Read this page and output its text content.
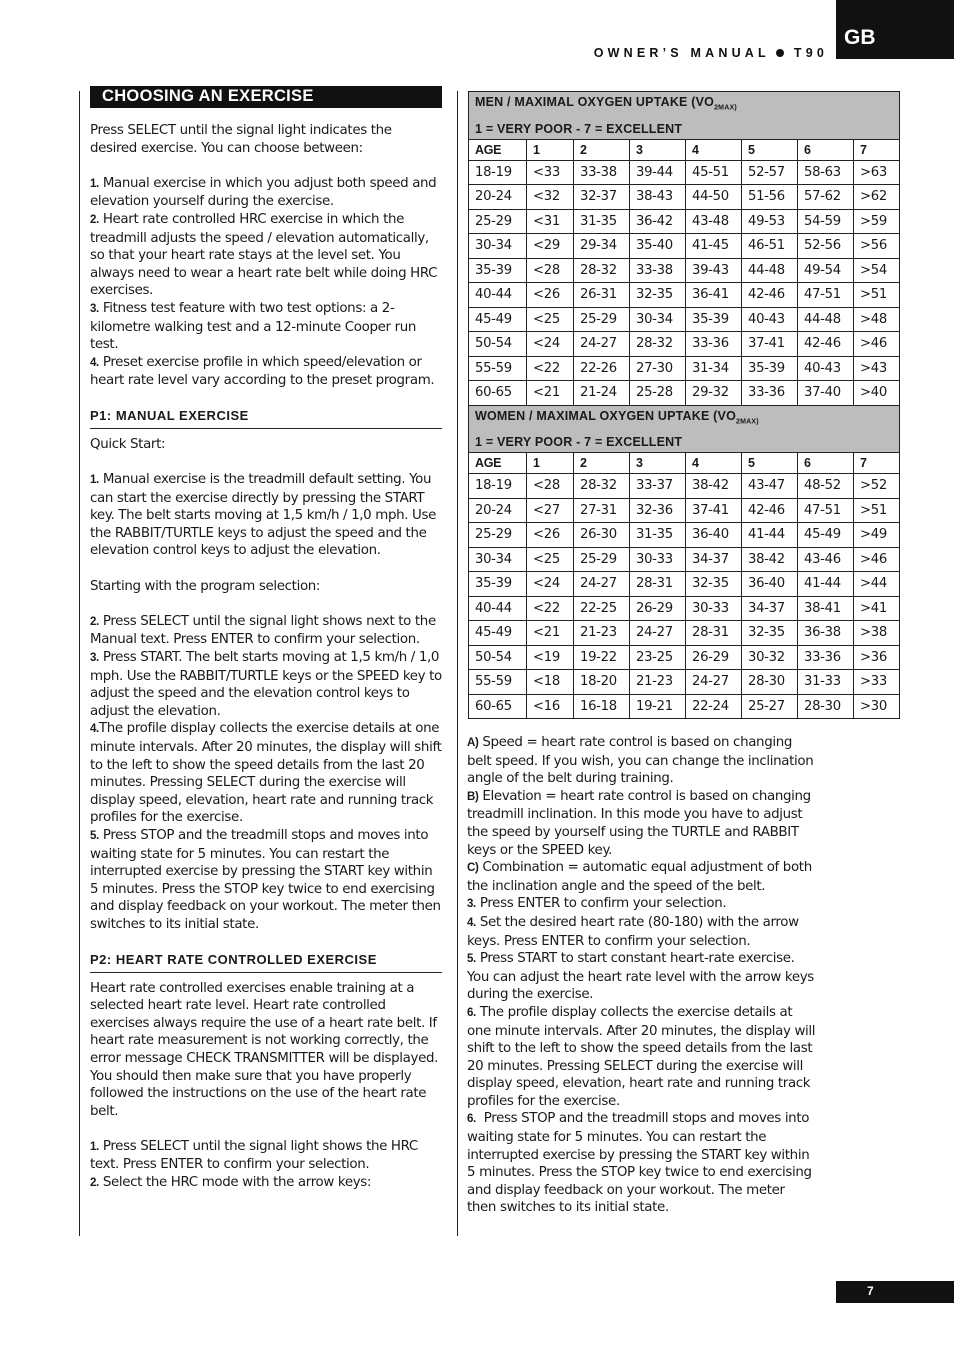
GB
OWNER’S MANUAL T90
CHOOSING AN EXERCISE

Press SELECT until the signal light indicates the desired exercise. You can choose between:

1. Manual exercise in which you adjust both speed and elevation yourself during the exercise.

2. Heart rate controlled HRC exercise in which the treadmill adjusts the speed / elevation automatically, so that your heart rate stays at the level set. You always need to wear a heart rate belt while doing HRC exercises.

3. Fitness test feature with two test options: a 2-kilometre walking test and a 12-minute Cooper run test.

4. Preset exercise profile in which speed/elevation or heart rate level vary according to the preset program.

P1: MANUAL EXERCISE

Quick Start:

1. Manual exercise is the treadmill default setting. You can start the exercise directly by pressing the START key. The belt starts moving at 1,5 km/h / 1,0 mph. Use the RABBIT/TURTLE keys to adjust the speed and the elevation control keys to adjust the elevation.

Starting with the program selection:

2. Press SELECT until the signal light shows next to the Manual text. Press ENTER to confirm your selection.

3. Press START. The belt starts moving at 1,5 km/h / 1,0 mph. Use the RABBIT/TURTLE keys or the SPEED key to adjust the speed and the elevation control keys to adjust the elevation.

4.The profile display collects the exercise details at one minute intervals. After 20 minutes, the display will shift to the left to show the speed details from the last 20 minutes. Pressing SELECT during the exercise will display speed, elevation, heart rate and running track profiles for the exercise.

5. Press STOP and the treadmill stops and moves into waiting state for 5 minutes. You can restart the interrupted exercise by pressing the START key within 5 minutes. Press the STOP key twice to end exercising and display feedback on your workout. The meter then switches to its initial state.

P2: HEART RATE CONTROLLED EXERCISE

Heart rate controlled exercises enable training at a selected heart rate level. Heart rate controlled exercises always require the use of a heart rate belt. If heart rate measurement is not working correctly, the error message CHECK TRANSMITTER will be displayed. You should then make sure that you have properly followed the instructions on the use of the heart rate belt.

1. Press SELECT until the signal light shows the HRC text. Press ENTER to confirm your selection.

2. Select the HRC mode with the arrow keys:

MEN / MAXIMAL OXYGEN UPTAKE ($VO_{2MAX)}$
1 = VERY POOR - 7 = EXCELLENT							
AGE	1	2	3	4	5	6	7
18-19	<33	33-38	39-44	45-51	52-57	58-63	>63
20-24	<32	32-37	38-43	44-50	51-56	57-62	>62
25-29	<31	31-35	36-42	43-48	49-53	54-59	>59
30-34	<29	29-34	35-40	41-45	46-51	52-56	>56
35-39	<28	28-32	33-38	39-43	44-48	49-54	>54
40-44	<26	26-31	32-35	36-41	42-46	47-51	>51
45-49	<25	25-29	30-34	35-39	40-43	44-48	>48
50-54	<24	24-27	28-32	33-36	37-41	42-46	>46
55-59	<22	22-26	27-30	31-34	35-39	40-43	>43
60-65	<21	21-24	25-28	29-32	33-36	37-40	>40
WOMEN / MAXIMAL OXYGEN UPTAKE ($VO_{2MAX)}$
1 = VERY POOR - 7 = EXCELLENT							
AGE	1	2	3	4	5	6	7
18-19	<28	28-32	33-37	38-42	43-47	48-52	>52
20-24	<27	27-31	32-36	37-41	42-46	47-51	>51
25-29	<26	26-30	31-35	36-40	41-44	45-49	>49
30-34	<25	25-29	30-33	34-37	38-42	43-46	>46
35-39	<24	24-27	28-31	32-35	36-40	41-44	>44
40-44	<22	22-25	26-29	30-33	34-37	38-41	>41
45-49	<21	21-23	24-27	28-31	32-35	36-38	>38
50-54	<19	19-22	23-25	26-29	30-32	33-36	>36
55-59	<18	18-20	21-23	24-27	28-30	31-33	>33
60-65	<16	16-18	19-21	22-24	25-27	28-30	>30

A) Speed = heart rate control is based on changing belt speed. If you wish, you can change the inclination angle of the belt during training.

B) Elevation = heart rate control is based on changing treadmill inclination. In this mode you have to adjust the speed by yourself using the TURTLE and RABBIT keys or the SPEED key.

C) Combination = automatic equal adjustment of both the inclination angle and the speed of the belt.

3. Press ENTER to confirm your selection.

4. Set the desired heart rate (80-180) with the arrow keys. Press ENTER to confirm your selection.

5. Press START to start constant heart-rate exercise. You can adjust the heart rate level with the arrow keys during the exercise.

6. The profile display collects the exercise details at one minute intervals. After 20 minutes, the display will shift to the left to show the speed details from the last 20 minutes. Pressing SELECT during the exercise will display speed, elevation, heart rate and running track profiles for the exercise.

6. Press STOP and the treadmill stops and moves into waiting state for 5 minutes. You can restart the interrupted exercise by pressing the START key within 5 minutes. Press the STOP key twice to end exercising and display feedback on your workout. The meter then switches to its initial state.

7
